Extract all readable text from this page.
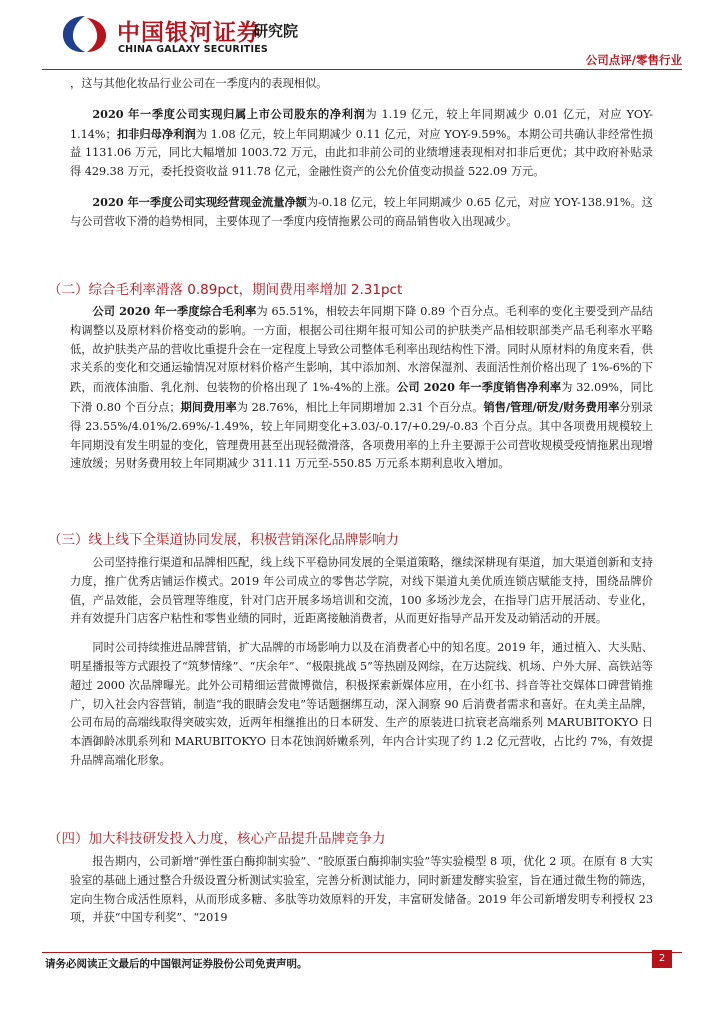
中国银河证券
CHINA GALAXY SECURITIES
研究院
公司点评/零售行业

，这与其他化妆品行业公司在一季度内的表现相似。

2020 年一季度公司实现归属上市公司股东的净利润为 1.19 亿元，较上年同期减少 0.01 亿元，对应 YOY-1.14%；扣非归母净利润为 1.08 亿元，较上年同期减少 0.11 亿元，对应 YOY-9.59%。本期公司共确认非经常性损益 1131.06 万元，同比大幅增加 1003.72 万元，由此扣非前公司的业绩增速表现相对扣非后更优；其中政府补贴录得 429.38 万元，委托投资收益 911.78 亿元，金融性资产的公允价值变动损益 522.09 万元。

2020 年一季度公司实现经营现金流量净额为-0.18 亿元，较上年同期减少 0.65 亿元，对应 YOY-138.91%。这与公司营收下滑的趋势相同，主要体现了一季度内疫情拖累公司的商品销售收入出现减少。

（二）综合毛利率滑落 0.89pct，期间费用率增加 2.31pct

公司 2020 年一季度综合毛利率为 65.51%，相较去年同期下降 0.89 个百分点。毛利率的变化主要受到产品结构调整以及原材料价格变动的影响。一方面，根据公司往期年报可知公司的护肤类产品相较职部类产品毛利率水平略低，故护肤类产品的营收比重提升会在一定程度上导致公司整体毛利率出现结构性下滑。同时从原材料的角度来看，供求关系的变化和交通运输情况对原材料价格产生影响，其中添加剂、水溶保湿剂、表面活性剂价格出现了 1%-6%的下跌，而液体油脂、乳化剂、包装物的价格出现了 1%-4%的上涨。公司 2020 年一季度销售净利率为 32.09%，同比下滑 0.80 个百分点；期间费用率为 28.76%，相比上年同期增加 2.31 个百分点。销售/管理/研发/财务费用率分别录得 23.55%/4.01%/2.69%/-1.49%，较上年同期变化+3.03/-0.17/+0.29/-0.83 个百分点。其中各项费用规模较上年同期没有发生明显的变化，管理费用甚至出现轻微滑落，各项费用率的上升主要源于公司营收规模受疫情拖累出现增速放缓；另财务费用较上年同期减少 311.11 万元至-550.85 万元系本期利息收入增加。

（三）线上线下全渠道协同发展，积极营销深化品牌影响力

公司坚持推行渠道和品牌相匹配，线上线下平稳协同发展的全渠道策略，继续深耕现有渠道，加大渠道创新和支持力度，推广优秀店铺运作模式。2019 年公司成立的零售芯学院，对线下渠道丸美优质连锁店赋能支持，围绕品牌价值，产品效能，会员管理等维度，针对门店开展多场培训和交流，100 多场沙龙会，在指导门店开展活动、专业化，并有效提升门店客户粘性和零售业绩的同时，近距离接触消费者，从而更好指导产品开发及动销活动的开展。

同时公司持续推进品牌营销，扩大品牌的市场影响力以及在消费者心中的知名度。2019 年，通过植入、大头贴、明星播报等方式跟投了“筑梦情缘”、“庆余年”、“极限挑战 5”等热剧及网综，在万达院线、机场、户外大屏、高铁站等超过 2000 次品牌曝光。此外公司精细运营微博微信，积极探索新媒体应用，在小红书、抖音等社交媒体口碑营销推广，切入社会内容营销，制造“我的眼睛会发电”等话题捆绑互动，深入洞察 90 后消费者需求和喜好。在丸美主品牌，公司布局的高端线取得突破实效，近两年相继推出的日本研发、生产的原装进口抗衰老高端系列 MARUBITOKYO 日本酒御龄冰肌系列和 MARUBITOKYO 日本花蚀润娇嫩系列，年内合计实现了约 1.2 亿元营收，占比约 7%，有效提升品牌高端化形象。

（四）加大科技研发投入力度，核心产品提升品牌竞争力

报告期内，公司新增“弹性蛋白酶抑制实验”、“胶原蛋白酶抑制实验”等实验模型 8 项，优化 2 项。在原有 8 大实验室的基础上通过整合升级设置分析测试实验室，完善分析测试能力，同时新建发酵实验室，旨在通过微生物的筛选，定向生物合成活性原料，从而形成多糖、多肽等功效原料的开发，丰富研发储备。2019 年公司新增发明专利授权 23 项，并获“中国专利奖”、“2019

请务必阅读正文最后的中国银河证券股份公司免责声明。	2
